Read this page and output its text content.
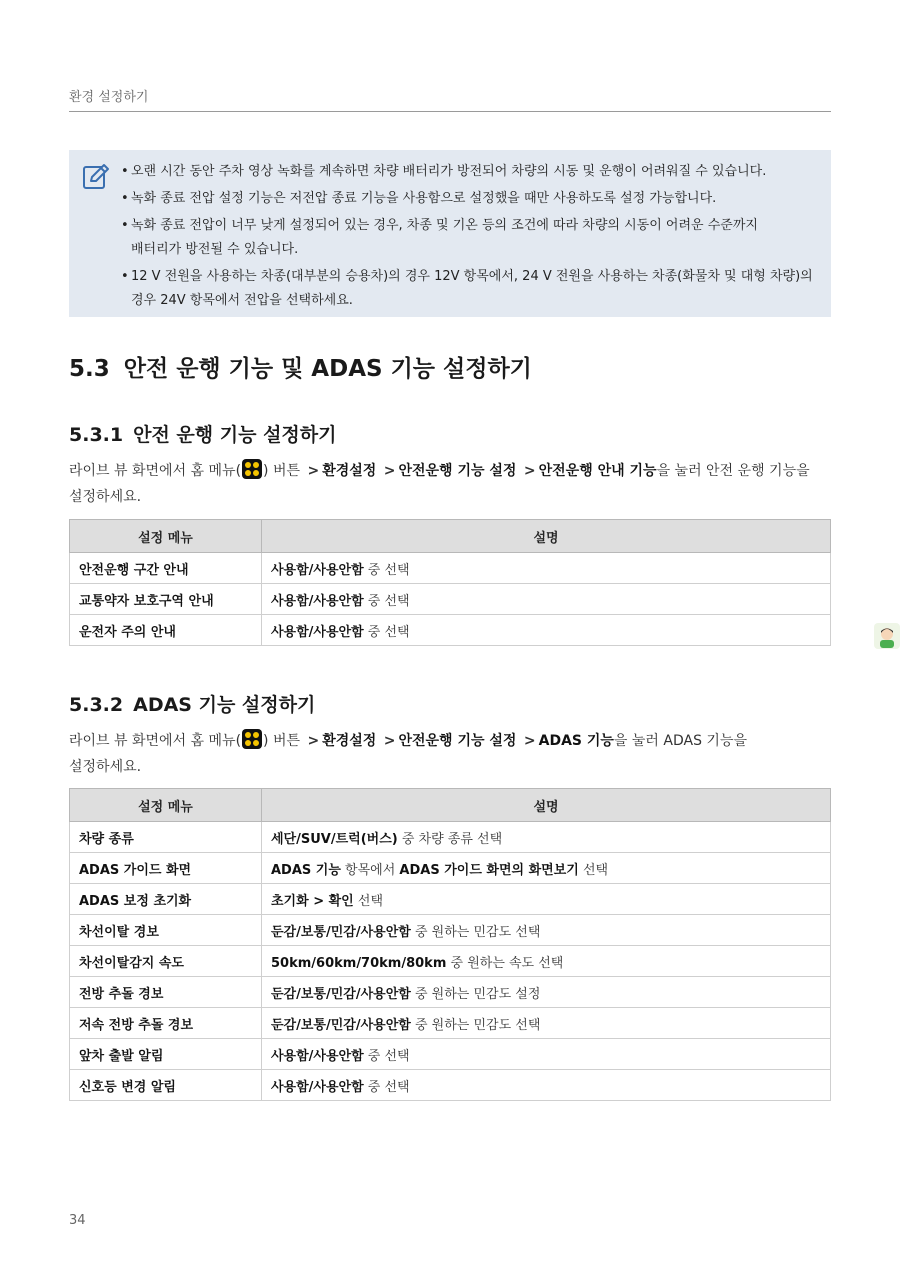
환경 설정하기
• 오랜 시간 동안 주차 영상 녹화를 계속하면 차량 배터리가 방전되어 차량의 시동 및 운행이 어려워질 수 있습니다.
• 녹화 종료 전압 설정 기능은 저전압 종료 기능을 사용함으로 설정했을 때만 사용하도록 설정 가능합니다.
• 녹화 종료 전압이 너무 낮게 설정되어 있는 경우, 차종 및 기온 등의 조건에 따라 차량의 시동이 어려운 수준까지
배터리가 방전될 수 있습니다.
• 12 V 전원을 사용하는 차종(대부분의 승용차)의 경우 12V 항목에서, 24 V 전원을 사용하는 차종(화물차 및 대형 차량)의
경우 24V 항목에서 전압을 선택하세요.
5.3 안전 운행 기능 및 ADAS 기능 설정하기
5.3.1 안전 운행 기능 설정하기

라이브 뷰 화면에서 홈 메뉴( ) 버튼 > 환경설정 > 안전운행 기능 설정 > 안전운행 안내 기능을 눌러 안전 운행 기능을
설정하세요.

설정 메뉴	설명
안전운행 구간 안내	사용함/사용안함 중 선택
교통약자 보호구역 안내	사용함/사용안함 중 선택
운전자 주의 안내	사용함/사용안함 중 선택
5.3.2 ADAS 기능 설정하기

라이브 뷰 화면에서 홈 메뉴( ) 버튼 > 환경설정 > 안전운행 기능 설정 > ADAS 기능을 눌러 ADAS 기능을
설정하세요.

설정 메뉴	설명
차량 종류	세단/SUV/트럭(버스) 중 차량 종류 선택
ADAS 가이드 화면	ADAS 기능 항목에서 ADAS 가이드 화면의 화면보기 선택
ADAS 보정 초기화	초기화 > 확인 선택
차선이탈 경보	둔감/보통/민감/사용안함 중 원하는 민감도 선택
차선이탈감지 속도	50km/60km/70km/80km 중 원하는 속도 선택
전방 추돌 경보	둔감/보통/민감/사용안함 중 원하는 민감도 설정
저속 전방 추돌 경보	둔감/보통/민감/사용안함 중 원하는 민감도 선택
앞차 출발 알림	사용함/사용안함 중 선택
신호등 변경 알림	사용함/사용안함 중 선택
34
